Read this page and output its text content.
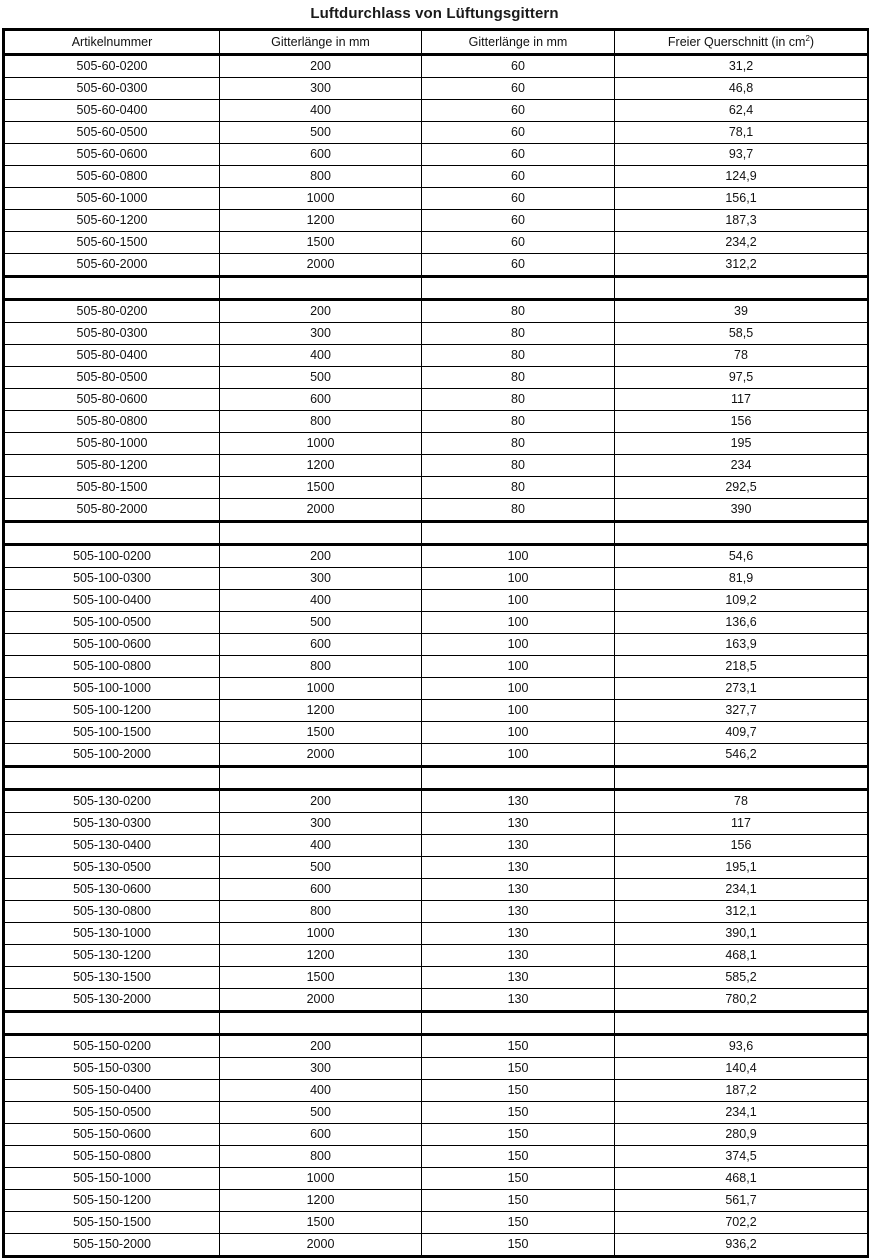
Luftdurchlass von Lüftungsgittern
Artikelnummer	Gitterlänge in mm	Gitterlänge in mm	Freier Querschnitt (in $cm^2$)
505-60-0200	200	60	31,2
505-60-0300	300	60	46,8
505-60-0400	400	60	62,4
505-60-0500	500	60	78,1
505-60-0600	600	60	93,7
505-60-0800	800	60	124,9
505-60-1000	1000	60	156,1
505-60-1200	1200	60	187,3
505-60-1500	1500	60	234,2
505-60-2000	2000	60	312,2

505-80-0200	200	80	39
505-80-0300	300	80	58,5
505-80-0400	400	80	78
505-80-0500	500	80	97,5
505-80-0600	600	80	117
505-80-0800	800	80	156
505-80-1000	1000	80	195
505-80-1200	1200	80	234
505-80-1500	1500	80	292,5
505-80-2000	2000	80	390

505-100-0200	200	100	54,6
505-100-0300	300	100	81,9
505-100-0400	400	100	109,2
505-100-0500	500	100	136,6
505-100-0600	600	100	163,9
505-100-0800	800	100	218,5
505-100-1000	1000	100	273,1
505-100-1200	1200	100	327,7
505-100-1500	1500	100	409,7
505-100-2000	2000	100	546,2

505-130-0200	200	130	78
505-130-0300	300	130	117
505-130-0400	400	130	156
505-130-0500	500	130	195,1
505-130-0600	600	130	234,1
505-130-0800	800	130	312,1
505-130-1000	1000	130	390,1
505-130-1200	1200	130	468,1
505-130-1500	1500	130	585,2
505-130-2000	2000	130	780,2

505-150-0200	200	150	93,6
505-150-0300	300	150	140,4
505-150-0400	400	150	187,2
505-150-0500	500	150	234,1
505-150-0600	600	150	280,9
505-150-0800	800	150	374,5
505-150-1000	1000	150	468,1
505-150-1200	1200	150	561,7
505-150-1500	1500	150	702,2
505-150-2000	2000	150	936,2
